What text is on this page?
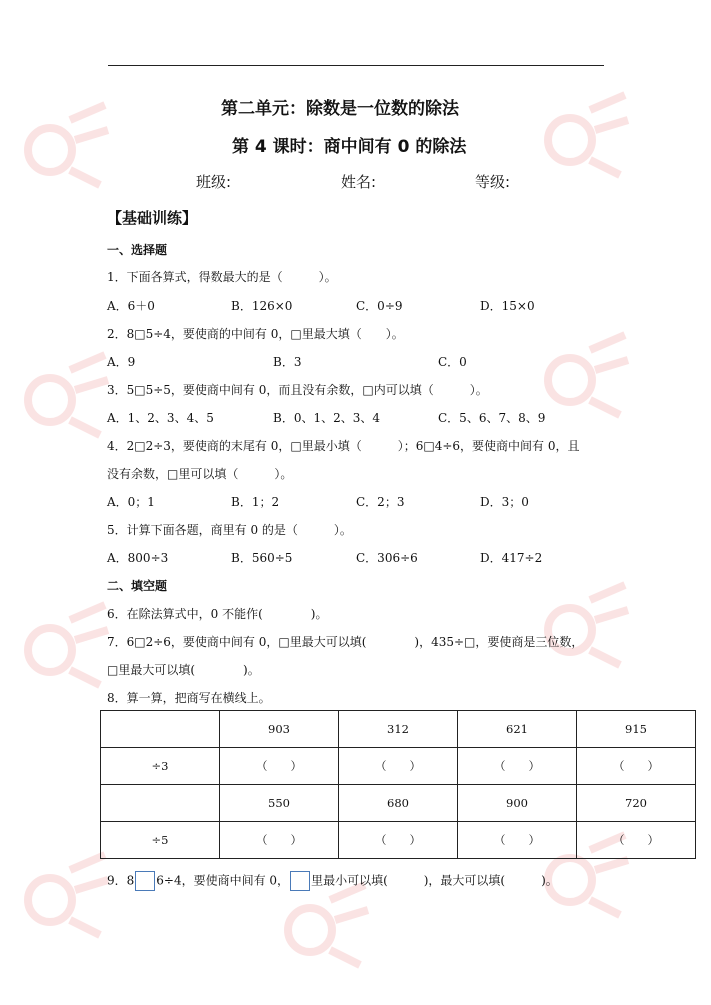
第二单元：除数是一位数的除法
第 4 课时：商中间有 0 的除法
班级:	姓名:	等级:
【基础训练】
一、选择题
1．下面各算式，得数最大的是（　　　）。
A．6＋0	B．126×0	C．0÷9	D．15×0
2．8□5÷4，要使商的中间有 0，□里最大填（　　）。
A．9	B．3	C．0
3．5□5÷5，要使商中间有 0，而且没有余数，□内可以填（　　　）。
A．1、2、3、4、5	B．0、1、2、3、4	C．5、6、7、8、9
4．2□2÷3，要使商的末尾有 0，□里最小填（　　　）；6□4÷6，要使商中间有 0，且
没有余数，□里可以填（　　　）。
A．0；1	B．1；2	C．2；3	D．3；0
5．计算下面各题，商里有 0 的是（　　　）。
A．800÷3	B．560÷5	C．306÷6	D．417÷2
二、填空题
6．在除法算式中，0 不能作(　　　　)。
7．6□2÷6，要使商中间有 0，□里最大可以填(　　　　)，435÷□，要使商是三位数，
□里最大可以填(　　　　)。
8．算一算，把商写在横线上。
	903	312	621	915
÷3	（　　）	（　　）	（　　）	（　　）
	550	680	900	720
÷5	（　　）	（　　）	（　　）	（　　）
9．8 6÷4，要使商中间有 0， 里最小可以填(　　　)，最大可以填(　　　)。
